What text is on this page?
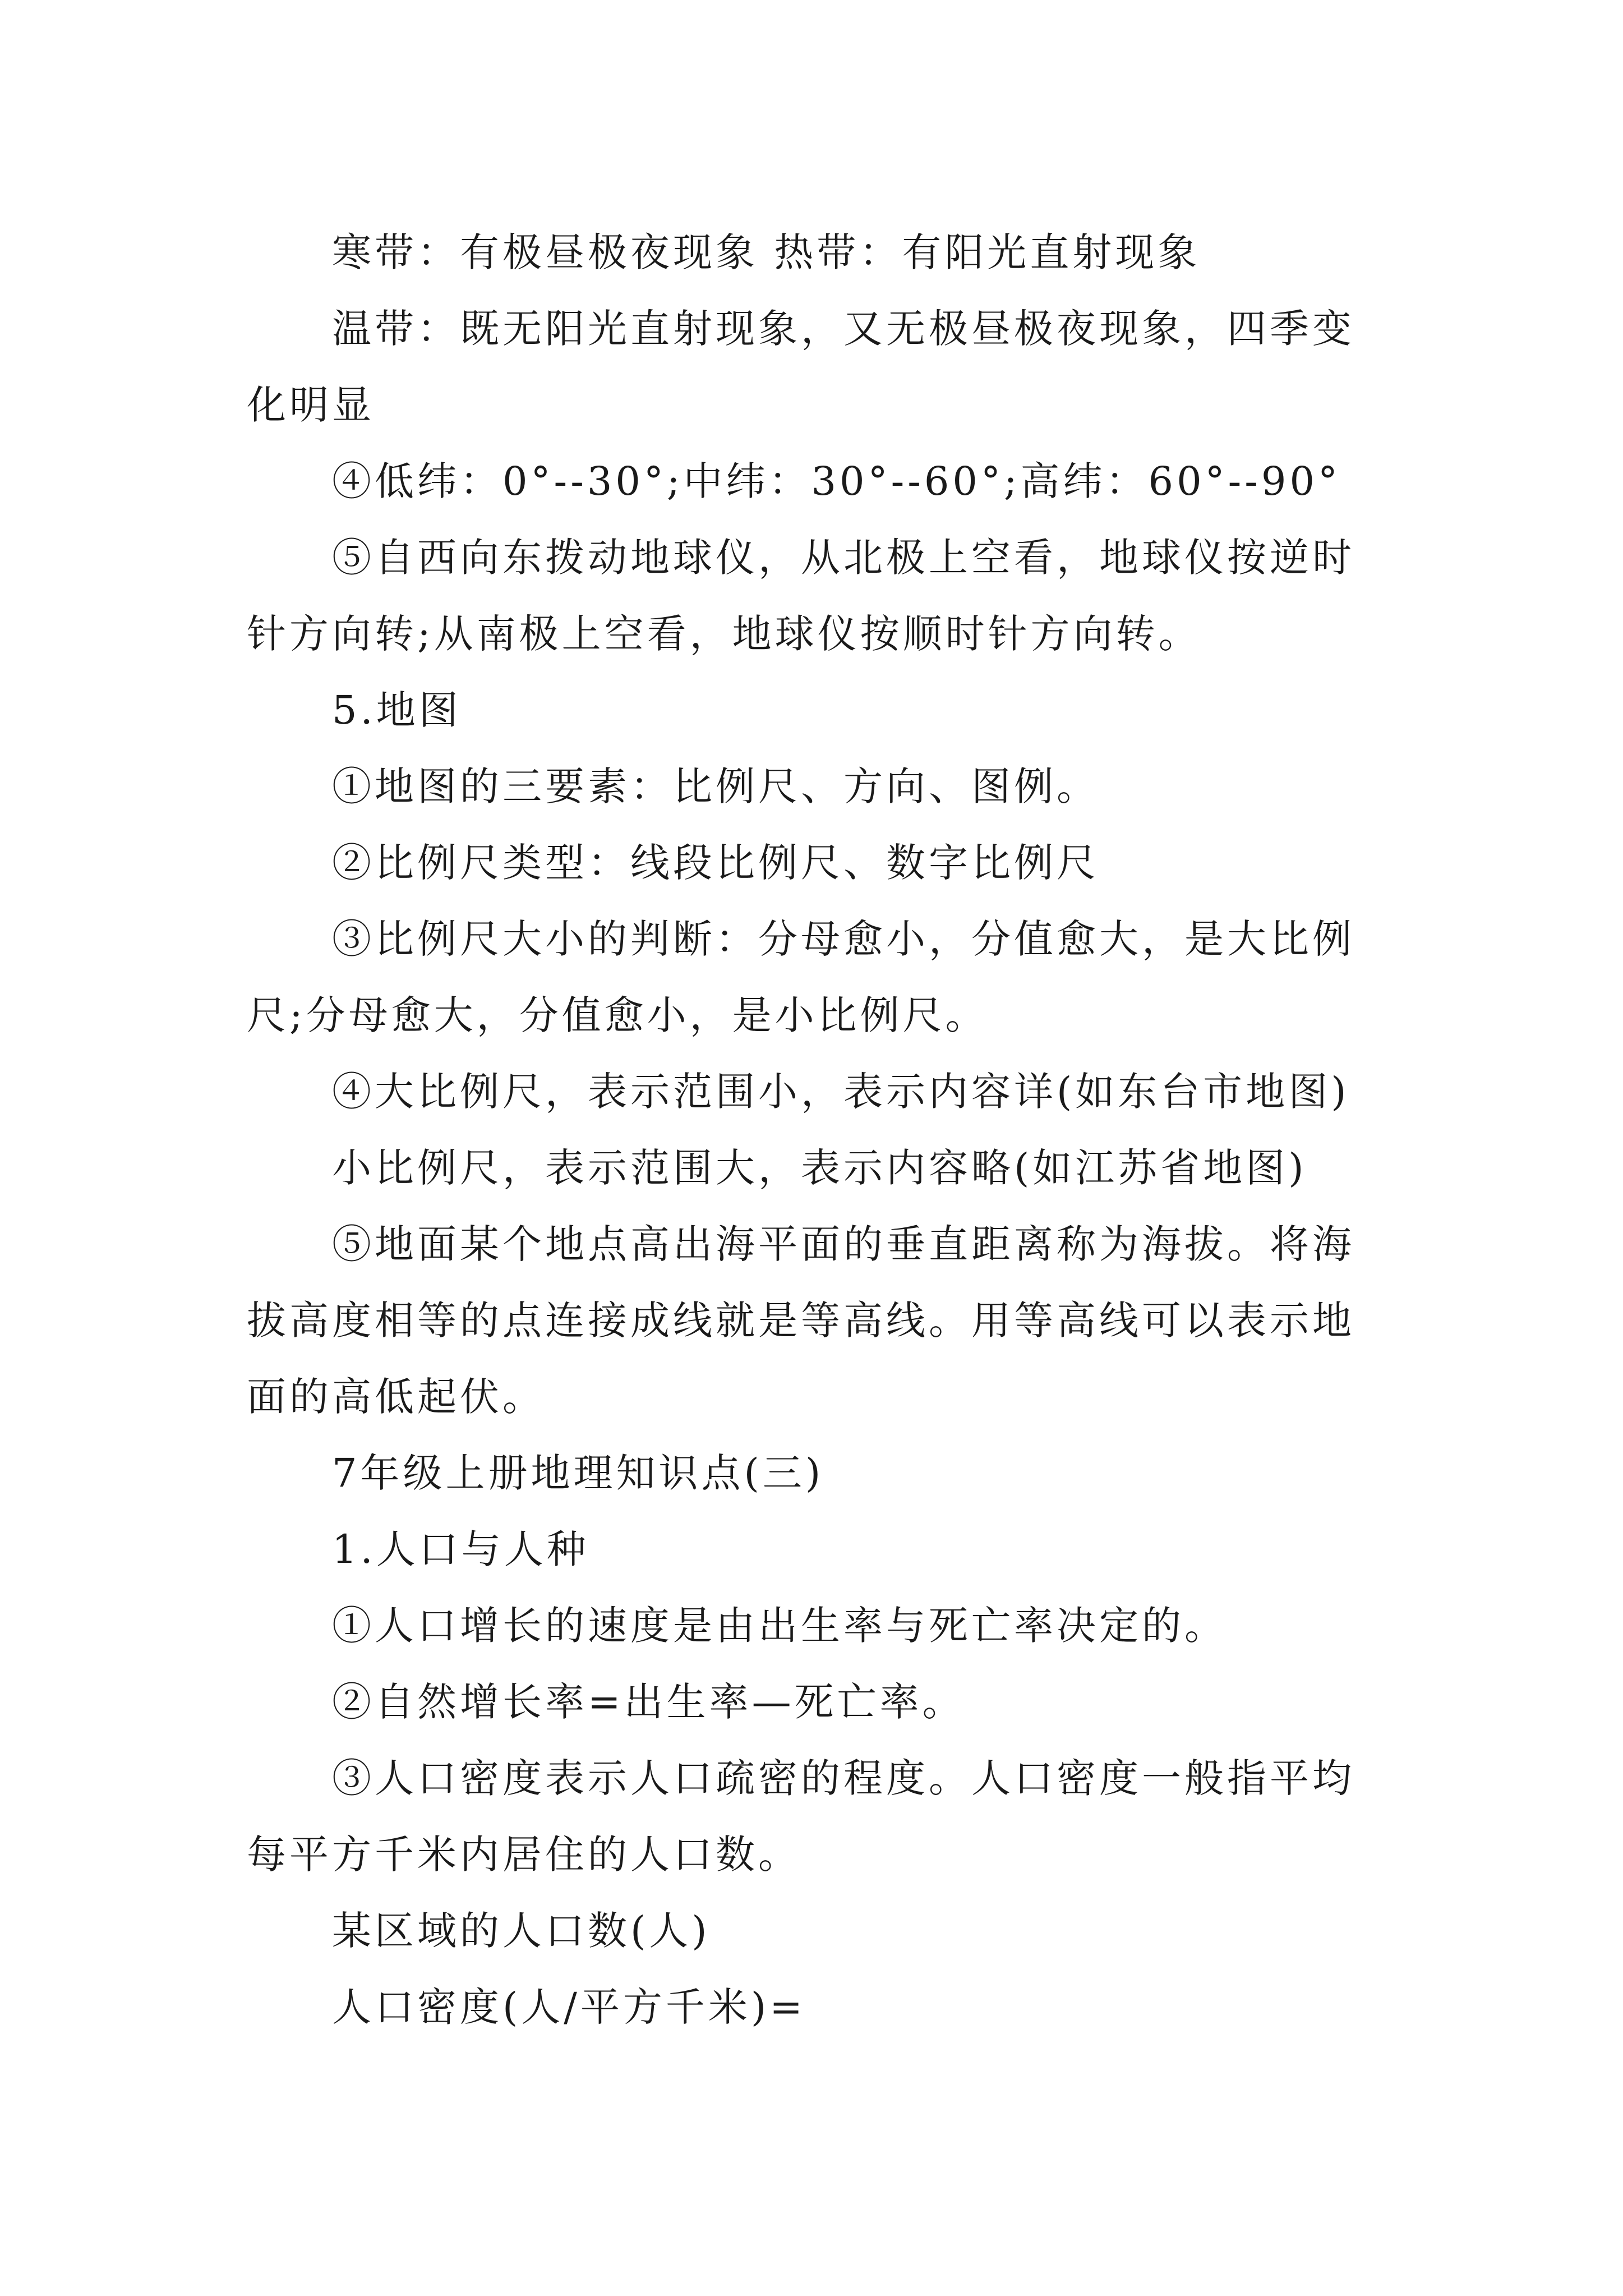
寒带：有极昼极夜现象 热带：有阳光直射现象

温带：既无阳光直射现象，又无极昼极夜现象，四季变化明显

④低纬：0°--30°;中纬：30°--60°;高纬：60°--90°

⑤自西向东拨动地球仪，从北极上空看，地球仪按逆时针方向转;从南极上空看，地球仪按顺时针方向转。

5.地图

①地图的三要素：比例尺、方向、图例。

②比例尺类型：线段比例尺、数字比例尺

③比例尺大小的判断：分母愈小，分值愈大，是大比例尺;分母愈大，分值愈小，是小比例尺。

④大比例尺，表示范围小，表示内容详(如东台市地图)

小比例尺，表示范围大，表示内容略(如江苏省地图)

⑤地面某个地点高出海平面的垂直距离称为海拔。将海拔高度相等的点连接成线就是等高线。用等高线可以表示地面的高低起伏。

7年级上册地理知识点(三)

1.人口与人种

①人口增长的速度是由出生率与死亡率决定的。

②自然增长率=出生率—死亡率。

③人口密度表示人口疏密的程度。人口密度一般指平均每平方千米内居住的人口数。

某区域的人口数(人)

人口密度(人/平方千米)=
